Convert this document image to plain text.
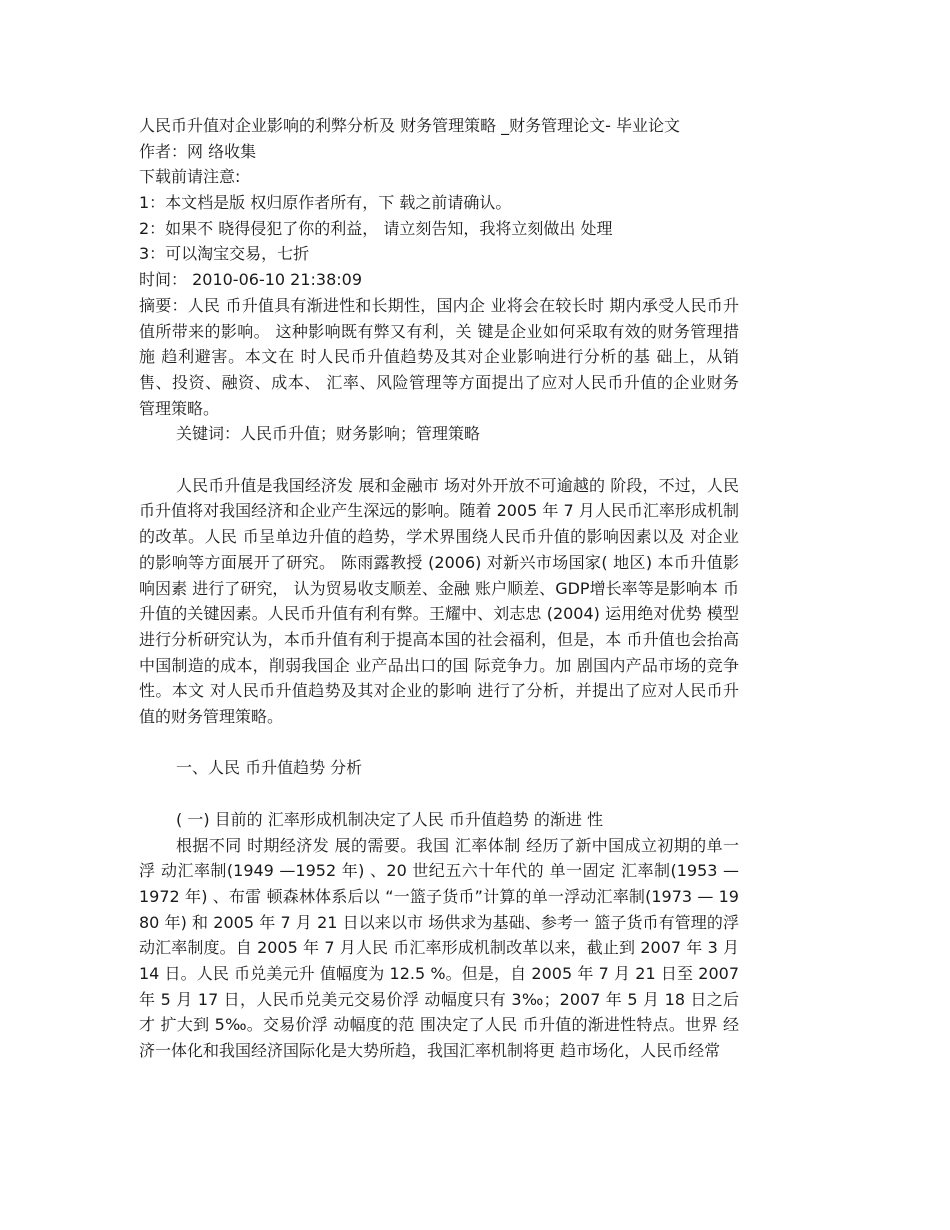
人民币升值对企业影响的利弊分析及 财务管理策略 _财务管理论文- 毕业论文
作者：网 络收集
下载前请注意:
1：本文档是版 权归原作者所有，下 载之前请确认。
2：如果不 晓得侵犯了你的利益， 请立刻告知，我将立刻做出 处理
3：可以淘宝交易，七折
时间： 2010-06-10 21:38:09
摘要：人民 币升值具有渐进性和长期性，国内企 业将会在较长时 期内承受人民币升值所带来的影响。 这种影响既有弊又有利，关 键是企业如何采取有效的财务管理措施 趋利避害。本文在 时人民币升值趋势及其对企业影响进行分析的基 础上，从销售、投资、融资、成本、 汇率、风险管理等方面提出了应对人民币升值的企业财务 管理策略。
关键词：人民币升值；财务影响；管理策略
人民币升值是我国经济发 展和金融市 场对外开放不可逾越的 阶段，不过，人民币升值将对我国经济和企业产生深远的影响。随着 2005 年 7 月人民币汇率形成机制的改革。人民 币呈单边升值的趋势，学术界围绕人民币升值的影响因素以及 对企业的影响等方面展开了研究。 陈雨露教授 (2006) 对新兴市场国家( 地区) 本币升值影响因素 进行了研究， 认为贸易收支顺差、金融 账户顺差、GDP增长率等是影响本 币升值的关键因素。人民币升值有利有弊。王耀中、刘志忠 (2004) 运用绝对优势 模型进行分析研究认为，本币升值有利于提高本国的社会福利，但是，本 币升值也会抬高中国制造的成本，削弱我国企 业产品出口的国 际竞争力。加 剧国内产品市场的竞争性。本文 对人民币升值趋势及其对企业的影响 进行了分析，并提出了应对人民币升值的财务管理策略。
一、人民 币升值趋势 分析
( 一) 目前的 汇率形成机制决定了人民 币升值趋势 的渐进 性
根据不同 时期经济发 展的需要。我国 汇率体制 经历了新中国成立初期的单一浮 动汇率制(1949 —1952 年) 、20 世纪五六十年代的 单一固定 汇率制(1953 — 1972 年) 、布雷 顿森林体系后以 “一篮子货币”计算的单一浮动汇率制(1973 — 1980 年) 和 2005 年 7 月 21 日以来以市 场供求为基础、参考一 篮子货币有管理的浮 动汇率制度。自 2005 年 7 月人民 币汇率形成机制改革以来，截止到 2007 年 3 月 14 日。人民 币兑美元升 值幅度为 12.5 %。但是，自 2005 年 7 月 21 日至 2007 年 5 月 17 日，人民币兑美元交易价浮 动幅度只有 3‰；2007 年 5 月 18 日之后才 扩大到 5‰。交易价浮 动幅度的范 围决定了人民 币升值的渐进性特点。世界 经济一体化和我国经济国际化是大势所趋，我国汇率机制将更 趋市场化，人民币经常
